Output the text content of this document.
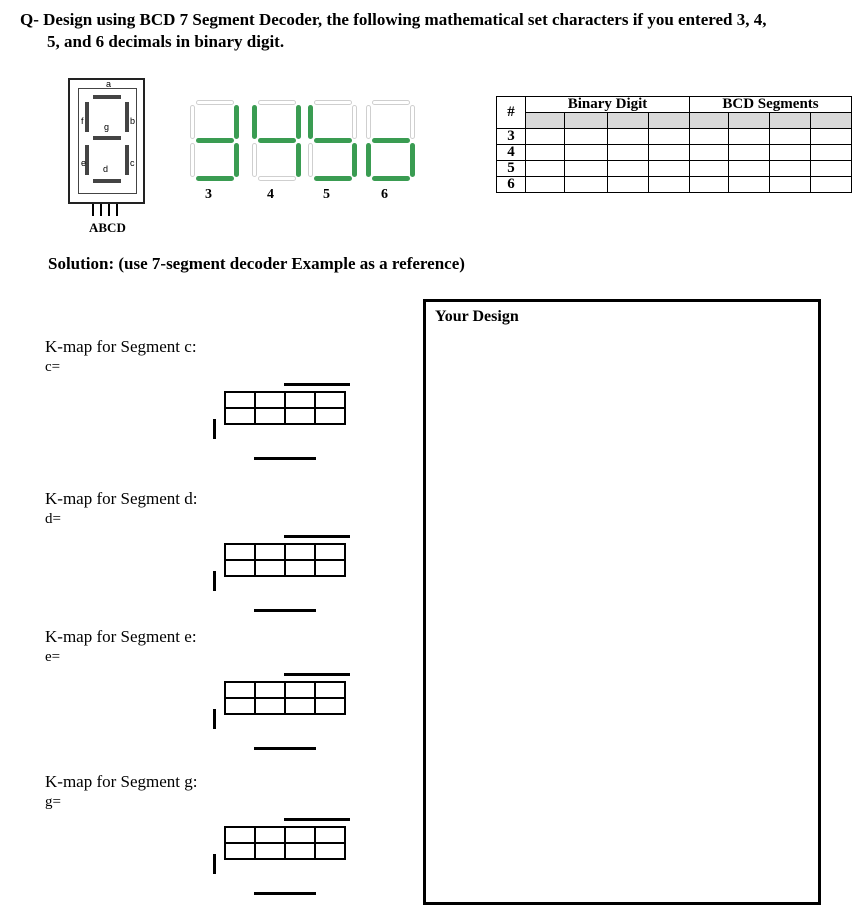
Q- Design using BCD 7 Segment Decoder, the following mathematical set characters if you entered 3, 4,
5, and 6 decimals in binary digit.
a
b
c
d
e
f
g
ABCD
3	4	5	6
#	Binary Digit				BCD Segments			

3								
4								
5								
6								
Solution: (use 7-segment decoder Example as a reference)
Your Design
K-map for Segment c:
c=

K-map for Segment d:
d=

K-map for Segment e:
e=

K-map for Segment g:
g=
